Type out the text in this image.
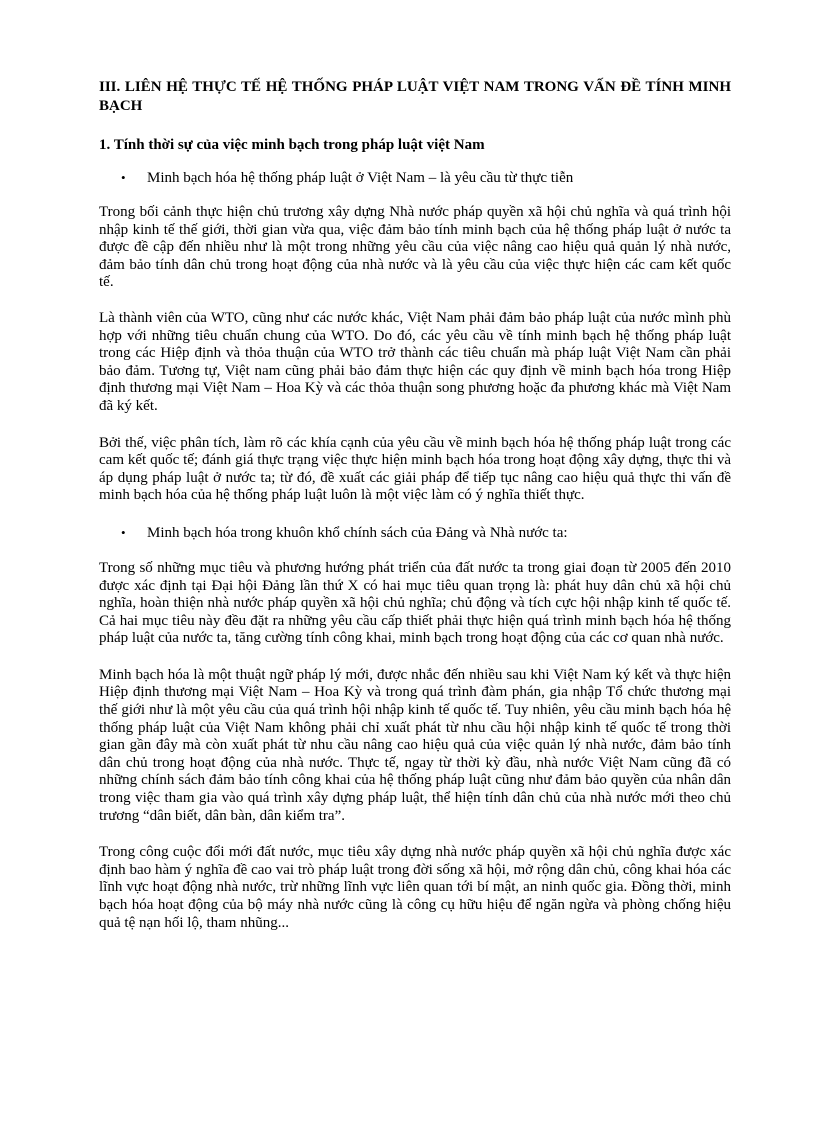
III. LIÊN HỆ THỰC TẾ HỆ THỐNG PHÁP LUẬT VIỆT NAM TRONG VẤN ĐỀ TÍNH MINH BẠCH

1. Tính thời sự của việc minh bạch trong pháp luật việt Nam

•	Minh bạch hóa hệ thống pháp luật ở Việt Nam – là yêu cầu từ thực tiễn

Trong bối cảnh thực hiện chủ trương xây dựng Nhà nước pháp quyền xã hội chủ nghĩa và quá trình hội nhập kinh tế thế giới, thời gian vừa qua, việc đảm bảo tính minh bạch của hệ thống pháp luật ở nước ta được đề cập đến nhiều như là một trong những yêu cầu của việc nâng cao hiệu quả quản lý nhà nước, đảm bảo tính dân chủ trong hoạt động của nhà nước và là yêu cầu của việc thực hiện các cam kết quốc tế.

Là thành viên của WTO, cũng như các nước khác, Việt Nam phải đảm bảo pháp luật của nước mình phù hợp với những tiêu chuẩn chung của WTO. Do đó, các yêu cầu về tính minh bạch hệ thống pháp luật trong các Hiệp định và thỏa thuận của WTO trở thành các tiêu chuẩn mà pháp luật Việt Nam cần phải bảo đảm. Tương tự, Việt nam cũng phải bảo đảm thực hiện các quy định về minh bạch hóa trong Hiệp định thương mại Việt Nam – Hoa Kỳ và các thỏa thuận song phương hoặc đa phương khác mà Việt Nam đã ký kết.

Bởi thế, việc phân tích, làm rõ các khía cạnh của yêu cầu về minh bạch hóa hệ thống pháp luật trong các cam kết quốc tế; đánh giá thực trạng việc thực hiện minh bạch hóa trong hoạt động xây dựng, thực thi và áp dụng pháp luật ở nước ta; từ đó, đề xuất các giải pháp để tiếp tục nâng cao hiệu quả thực thi vấn đề minh bạch hóa của hệ thống pháp luật luôn là một việc làm có ý nghĩa thiết thực.

•	Minh bạch hóa trong khuôn khổ chính sách của Đảng và Nhà nước ta:

Trong số những mục tiêu và phương hướng phát triển của đất nước ta trong giai đoạn từ 2005 đến 2010 được xác định tại Đại hội Đảng lần thứ X có hai mục tiêu quan trọng là: phát huy dân chủ xã hội chủ nghĩa, hoàn thiện nhà nước pháp quyền xã hội chủ nghĩa; chủ động và tích cực hội nhập kinh tế quốc tế. Cả hai mục tiêu này đều đặt ra những yêu cầu cấp thiết phải thực hiện quá trình minh bạch hóa hệ thống pháp luật của nước ta, tăng cường tính công khai, minh bạch trong hoạt động của các cơ quan nhà nước.

Minh bạch hóa là một thuật ngữ pháp lý mới, được nhắc đến nhiều sau khi Việt Nam ký kết và thực hiện Hiệp định thương mại Việt Nam – Hoa Kỳ và trong quá trình đàm phán, gia nhập Tổ chức thương mại thế giới như là một yêu cầu của quá trình hội nhập kinh tế quốc tế. Tuy nhiên, yêu cầu minh bạch hóa hệ thống pháp luật của Việt Nam không phải chỉ xuất phát từ nhu cầu hội nhập kinh tế quốc tế trong thời gian gần đây mà còn xuất phát từ nhu cầu nâng cao hiệu quả của việc quản lý nhà nước, đảm bảo tính dân chủ trong hoạt động của nhà nước. Thực tế, ngay từ thời kỳ đầu, nhà nước Việt Nam cũng đã có những chính sách đảm bảo tính công khai của hệ thống pháp luật cũng như đảm bảo quyền của nhân dân trong việc tham gia vào quá trình xây dựng pháp luật, thể hiện tính dân chủ của nhà nước mới theo chủ trương “dân biết, dân bàn, dân kiểm tra”.

Trong công cuộc đổi mới đất nước, mục tiêu xây dựng nhà nước pháp quyền xã hội chủ nghĩa được xác định bao hàm ý nghĩa đề cao vai trò pháp luật trong đời sống xã hội, mở rộng dân chủ, công khai hóa các lĩnh vực hoạt động nhà nước, trừ những lĩnh vực liên quan tới bí mật, an ninh quốc gia. Đồng thời, minh bạch hóa hoạt động của bộ máy nhà nước cũng là công cụ hữu hiệu để ngăn ngừa và phòng chống hiệu quả tệ nạn hối lộ, tham nhũng...
